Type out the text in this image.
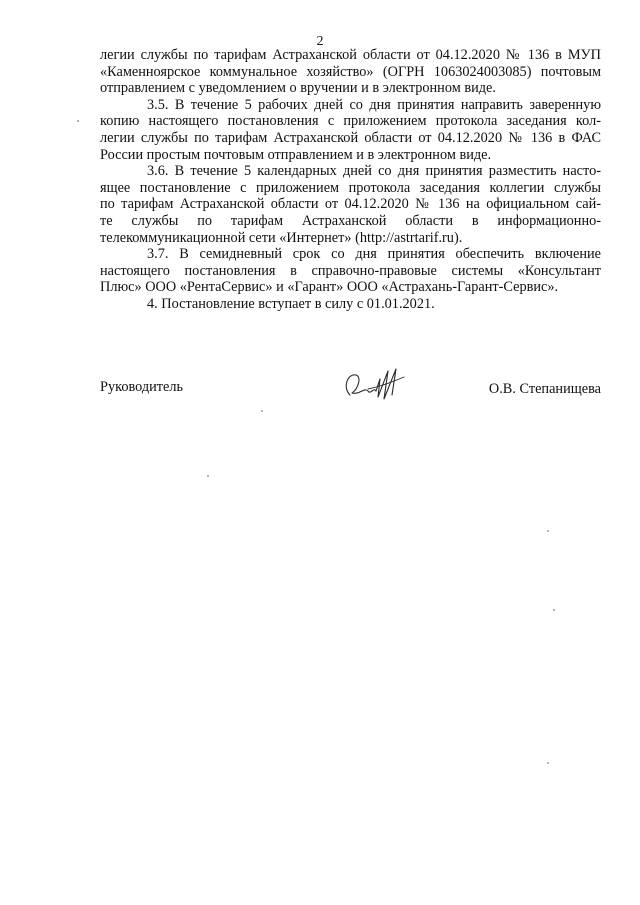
2

легии службы по тарифам Астраханской области от 04.12.2020 № 136 в МУП
«Каменноярское коммунальное хозяйство» (ОГРН 1063024003085) почтовым
отправлением с уведомлением о вручении и в электронном виде.

3.5. В течение 5 рабочих дней со дня принятия направить заверенную
копию настоящего постановления с приложением протокола заседания кол-
легии службы по тарифам Астраханской области от 04.12.2020 № 136 в ФАС
России простым почтовым отправлением и в электронном виде.

3.6. В течение 5 календарных дней со дня принятия разместить насто-
ящее постановление с приложением протокола заседания коллегии службы
по тарифам Астраханской области от 04.12.2020 № 136 на официальном сай-
те службы по тарифам Астраханской области в информационно-
телекоммуникационной сети «Интернет» (http://astrtarif.ru).

3.7. В семидневный срок со дня принятия обеспечить включение
настоящего постановления в справочно-правовые системы «Консультант
Плюс» ООО «РентаСервис» и «Гарант» ООО «Астрахань-Гарант-Сервис».

4. Постановление вступает в силу с 01.01.2021.

Руководитель	О.В. Степанищева
